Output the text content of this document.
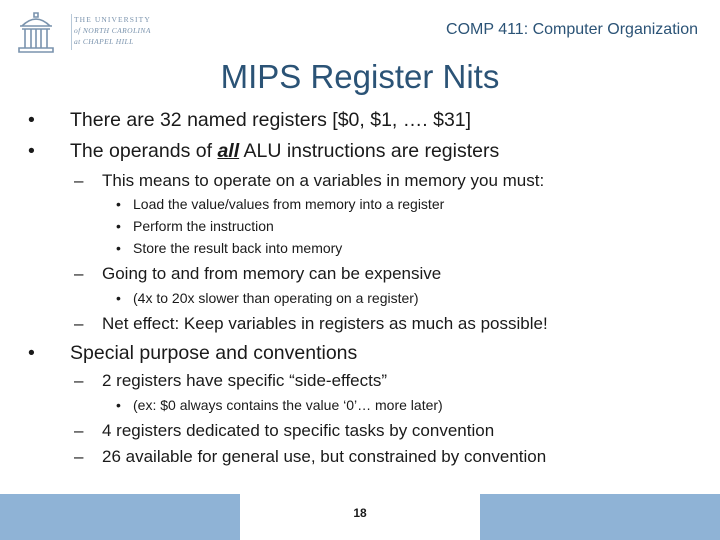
THE UNIVERSITY
of NORTH CAROLINA
at CHAPEL HILL
COMP 411: Computer Organization
MIPS Register Nits
• There are 32 named registers [$0, $1, …. $31]
• The operands of all ALU instructions are registers
– This means to operate on a variables in memory you must:
• Load the value/values from memory into a register
• Perform the instruction
• Store the result back into memory
– Going to and from memory can be expensive
• (4x to 20x slower than operating on a register)
– Net effect: Keep variables in registers as much as possible!
• Special purpose and conventions
– 2 registers have specific “side-effects”
• (ex: $0 always contains the value ‘0’… more later)
– 4 registers dedicated to specific tasks by convention
– 26 available for general use, but constrained by convention
18
